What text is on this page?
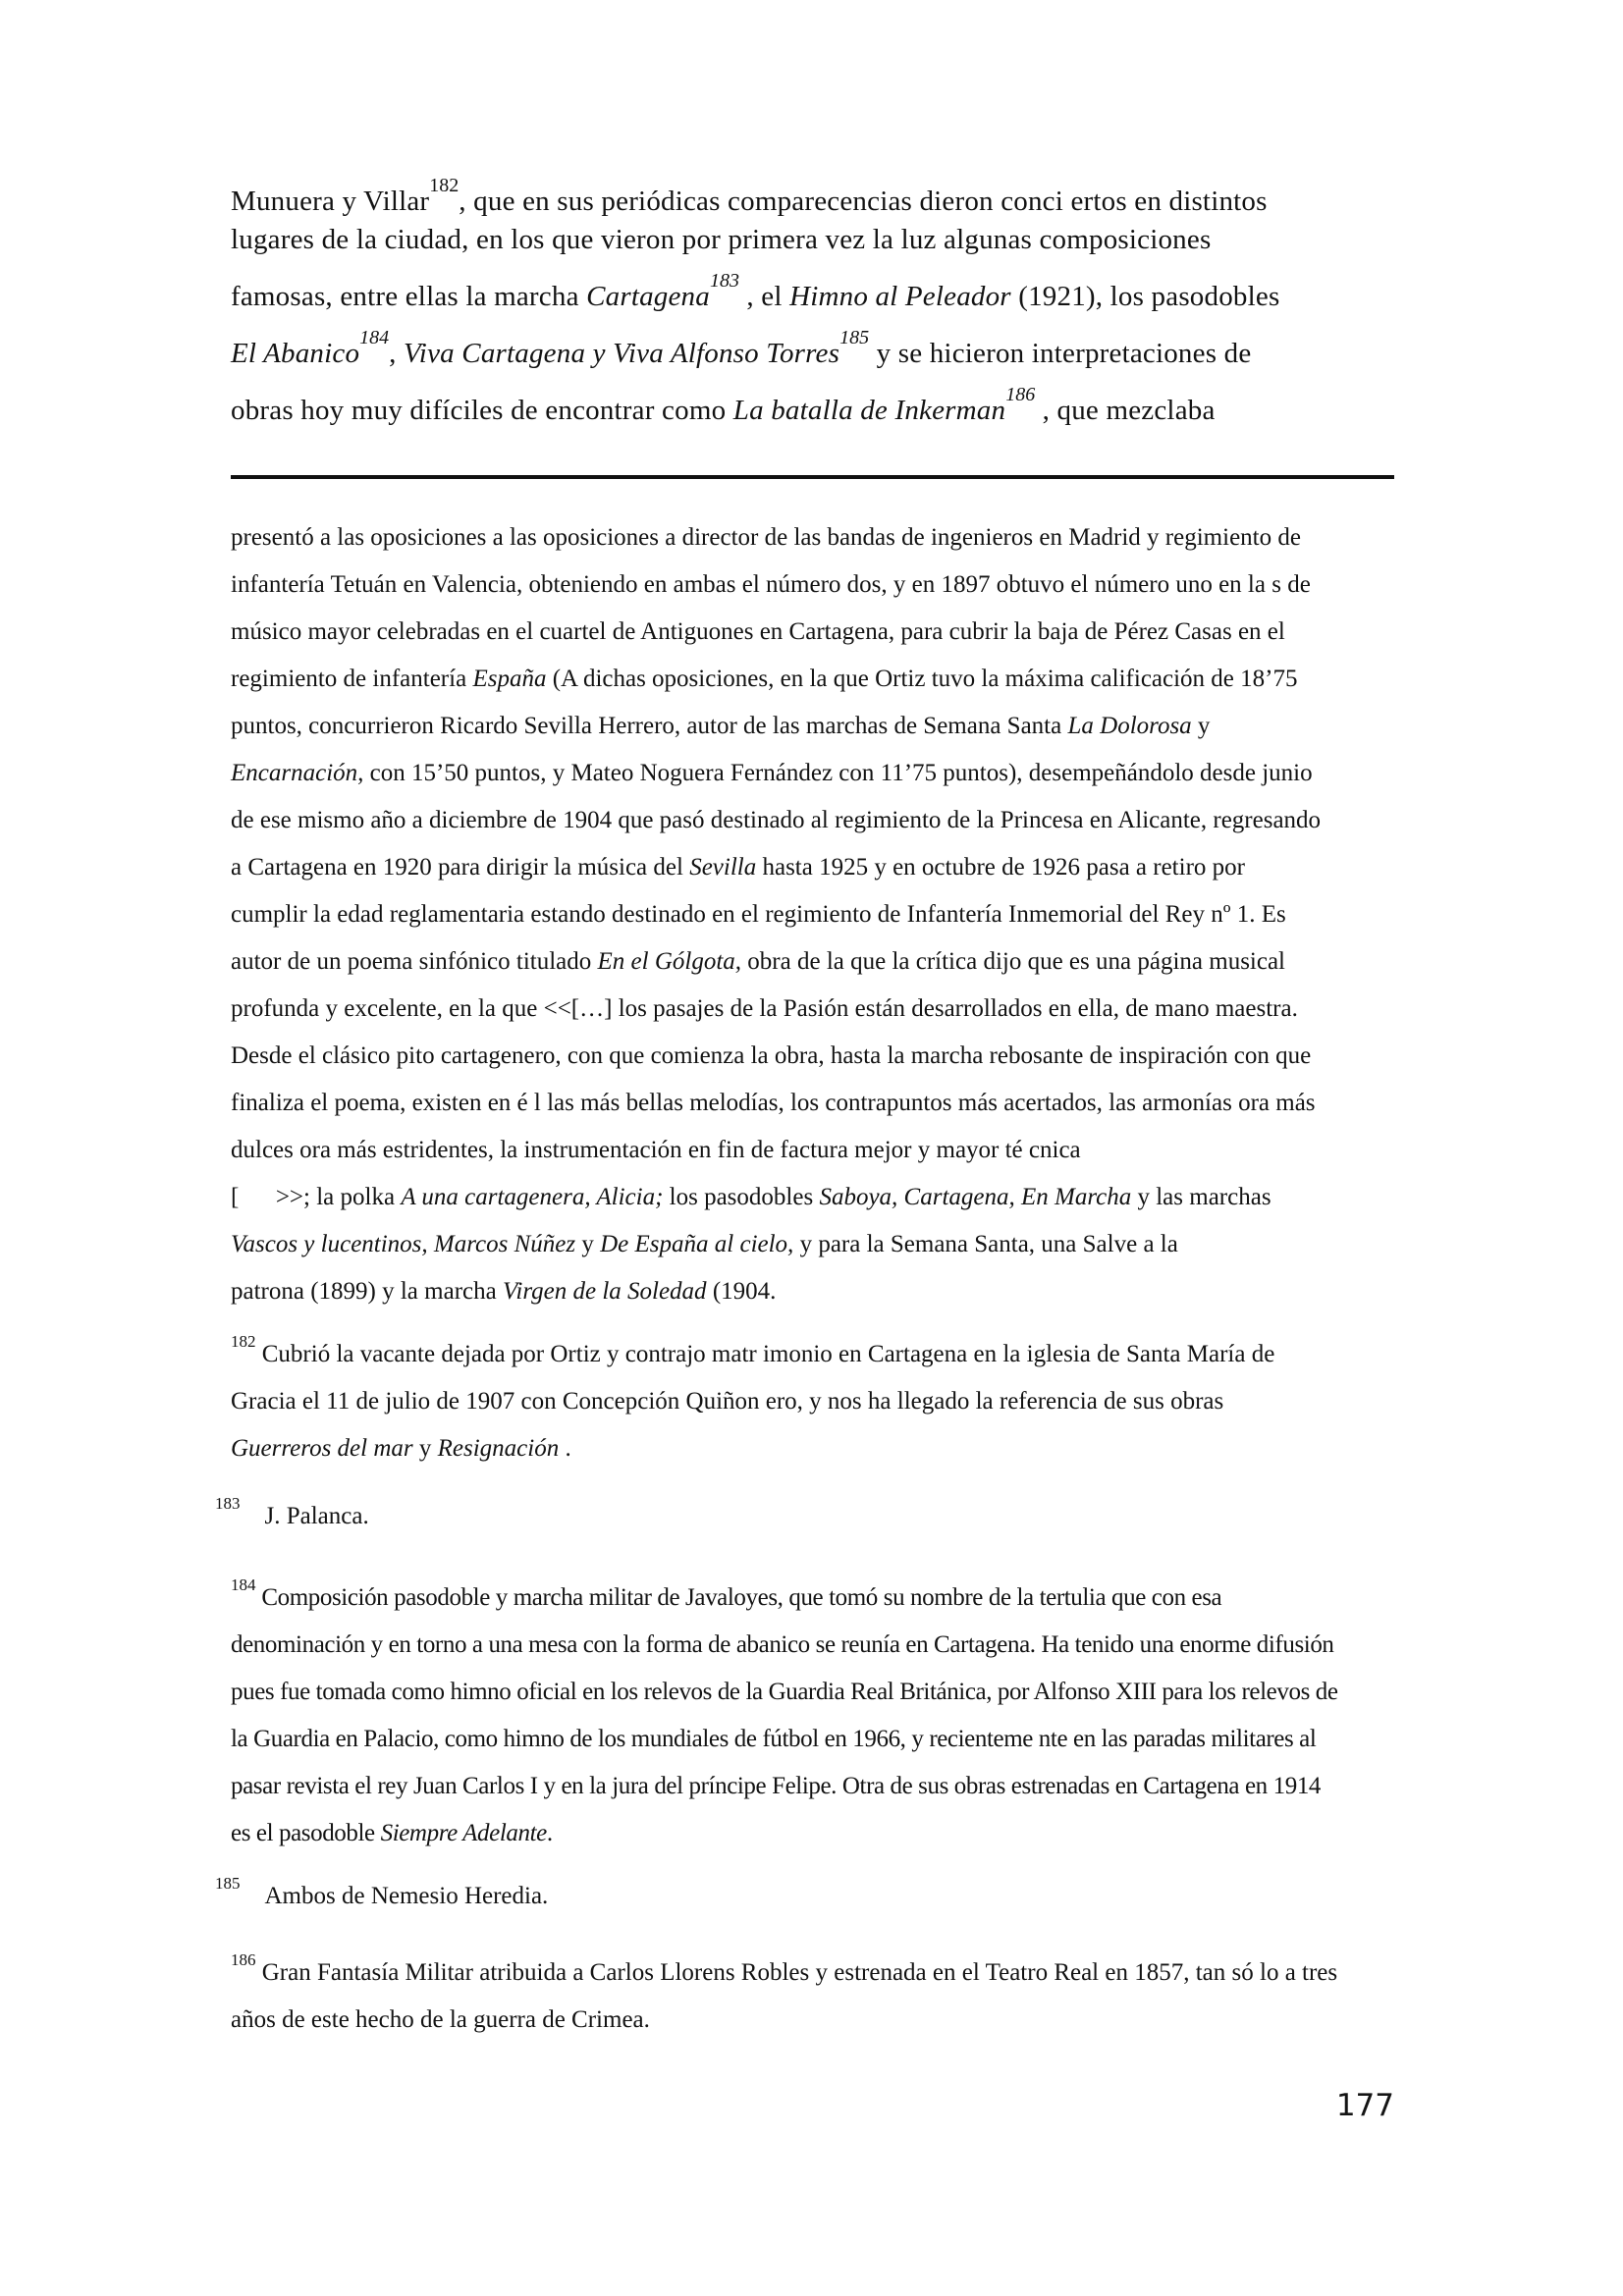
Munuera y Villar$^{182}$, que en sus periódicas comparecencias dieron conci ertos en distintos
lugares de la ciudad, en los que vieron por primera vez la luz algunas composiciones
famosas, entre ellas la marcha Cartagena$^{183}$ , el Himno al Peleador (1921), los pasodobles
El Abanico$^{184}$, Viva Cartagena y Viva Alfonso Torres$^{185}$ y se hicieron interpretaciones de
obras hoy muy difíciles de encontrar como La batalla de Inkerman$^{186}$ , que mezclaba
presentó a las oposiciones a las oposiciones a director de las bandas de ingenieros en Madrid y regimiento de
infantería Tetuán en Valencia, obteniendo en ambas el número dos, y en 1897 obtuvo el número uno en la s de
músico mayor celebradas en el cuartel de Antiguones en Cartagena, para cubrir la baja de Pérez Casas en el
regimiento de infantería España (A dichas oposiciones, en la que Ortiz tuvo la máxima calificación de 18’75
puntos, concurrieron Ricardo Sevilla Herrero, autor de las marchas de Semana Santa La Dolorosa y
Encarnación, con 15’50 puntos, y Mateo Noguera Fernández con 11’75 puntos), desempeñándolo desde junio
de ese mismo año a diciembre de 1904 que pasó destinado al regimiento de la Princesa en Alicante, regresando
a Cartagena en 1920 para dirigir la música del Sevilla hasta 1925 y en octubre de 1926 pasa a retiro por
cumplir la edad reglamentaria estando destinado en el regimiento de Infantería Inmemorial del Rey nº 1. Es
autor de un poema sinfónico titulado En el Gólgota, obra de la que la crítica dijo que es una página musical
profunda y excelente, en la que <<[…] los pasajes de la Pasión están desarrollados en ella, de mano maestra.
Desde el clásico pito cartagenero, con que comienza la obra, hasta la marcha rebosante de inspiración con que
finaliza el poema, existen en é l las más bellas melodías, los contrapuntos más acertados, las armonías ora más
dulces ora más estridentes, la instrumentación en fin de factura mejor y mayor té cnica
[      >>; la polka A una cartagenera, Alicia; los pasodobles Saboya, Cartagena, En Marcha y las marchas
Vascos y lucentinos, Marcos Núñez y De España al cielo, y para la Semana Santa, una Salve a la
patrona (1899) y la marcha Virgen de la Soledad (1904.
$^{182}$ Cubrió la vacante dejada por Ortiz y contrajo matr imonio en Cartagena en la iglesia de Santa María de
Gracia el 11 de julio de 1907 con Concepción Quiñon ero, y nos ha llegado la referencia de sus obras
Guerreros del mar y Resignación .
$^{183}$    J. Palanca.
$^{184}$ Composición pasodoble y marcha militar de Javaloyes, que tomó su nombre de la tertulia que con esa
denominación y en torno a una mesa con la forma de abanico se reunía en Cartagena. Ha tenido una enorme difusión
pues fue tomada como himno oficial en los relevos de la Guardia Real Británica, por Alfonso XIII para los relevos de
la Guardia en Palacio, como himno de los mundiales de fútbol en 1966, y recienteme nte en las paradas militares al
pasar revista el rey Juan Carlos I y en la jura del príncipe Felipe. Otra de sus obras estrenadas en Cartagena en 1914
es el pasodoble Siempre Adelante.
$^{185}$    Ambos de Nemesio Heredia.
$^{186}$ Gran Fantasía Militar atribuida a Carlos Llorens Robles y estrenada en el Teatro Real en 1857, tan só lo a tres
años de este hecho de la guerra de Crimea.
177
